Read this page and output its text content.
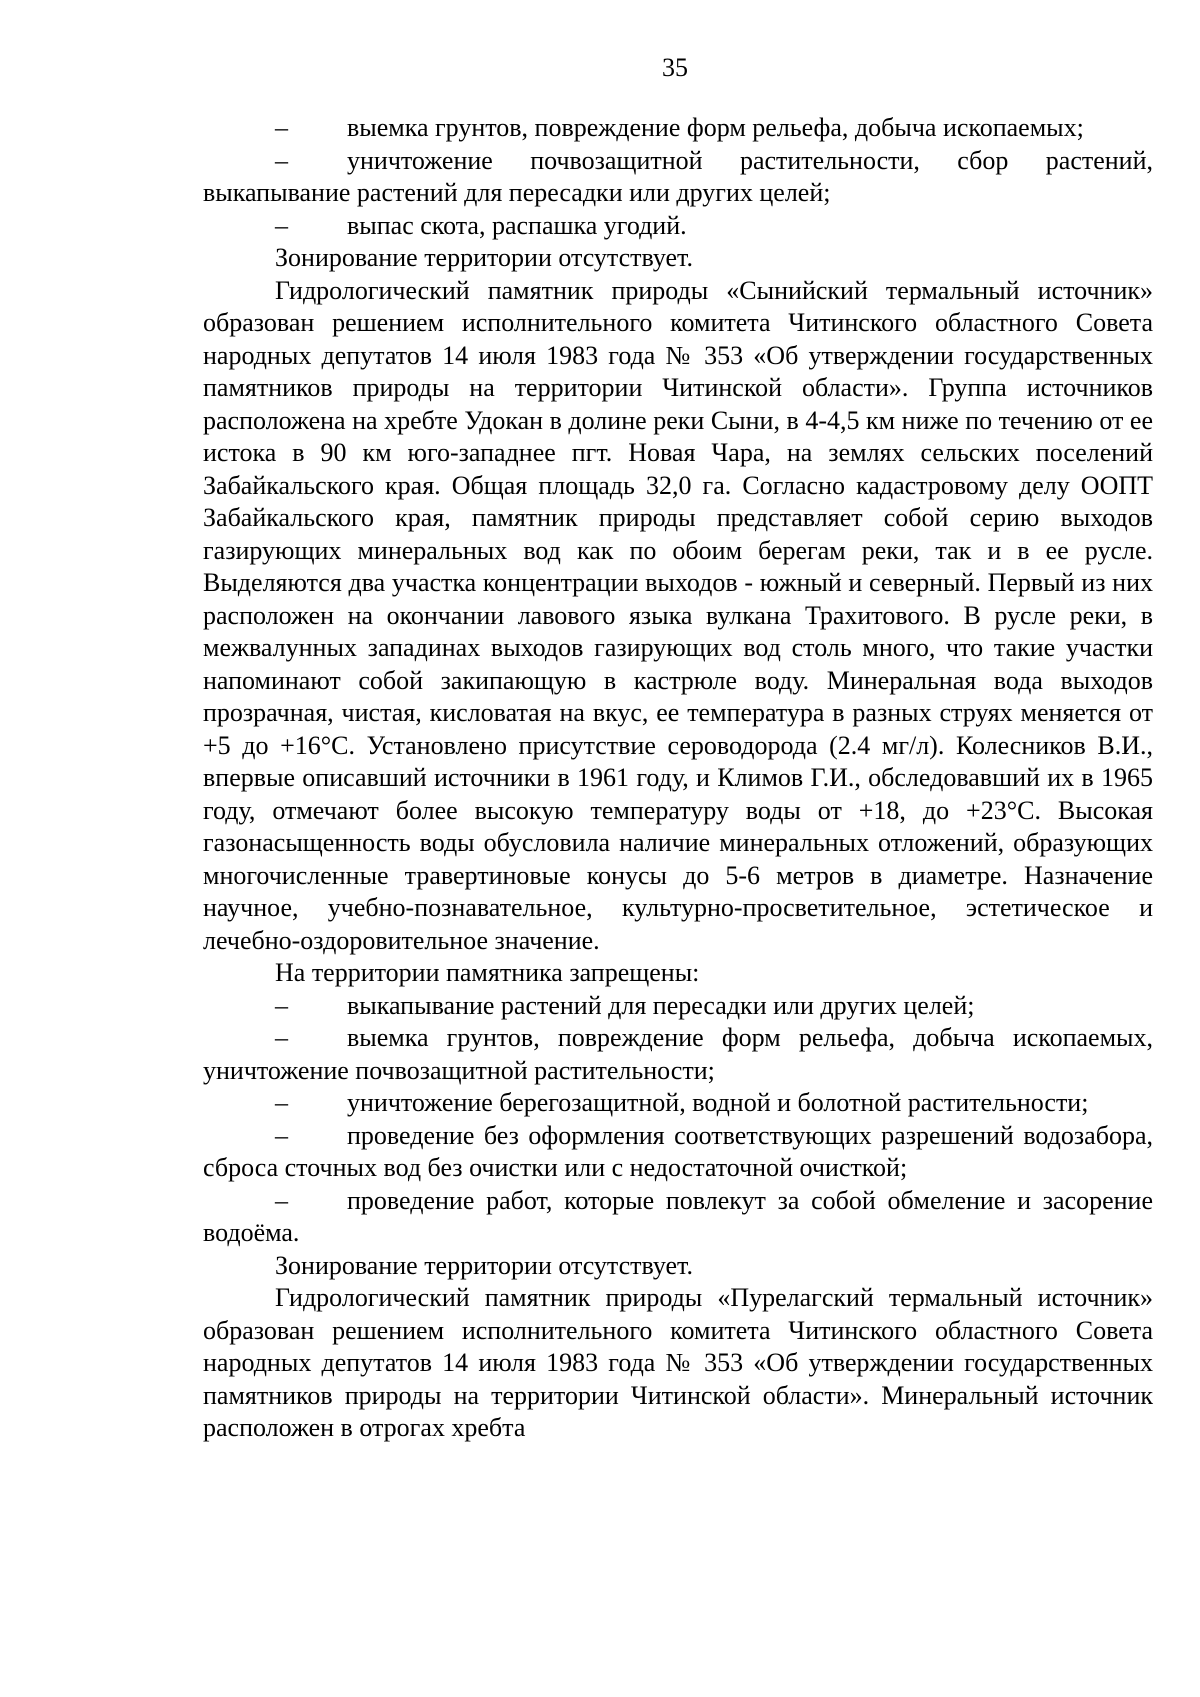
35

– выемка грунтов, повреждение форм рельефа, добыча ископаемых;

– уничтожение почвозащитной растительности, сбор растений, выкапывание растений для пересадки или других целей;

– выпас скота, распашка угодий.

Зонирование территории отсутствует.

Гидрологический памятник природы «Сынийский термальный источник» образован решением исполнительного комитета Читинского областного Совета народных депутатов 14 июля 1983 года № 353 «Об утверждении государственных памятников природы на территории Читинской области». Группа источников расположена на хребте Удокан в долине реки Сыни, в 4-4,5 км ниже по течению от ее истока в 90 км юго-западнее пгт. Новая Чара, на землях сельских поселений Забайкальского края. Общая площадь 32,0 га. Согласно кадастровому делу ООПТ Забайкальского края, памятник природы представляет собой серию выходов газирующих минеральных вод как по обоим берегам реки, так и в ее русле. Выделяются два участка концентрации выходов - южный и северный. Первый из них расположен на окончании лавового языка вулкана Трахитового. В русле реки, в межвалунных западинах выходов газирующих вод столь много, что такие участки напоминают собой закипающую в кастрюле воду. Минеральная вода выходов прозрачная, чистая, кисловатая на вкус, ее температура в разных струях меняется от +5 до +16°С. Установлено присутствие сероводорода (2.4 мг/л). Колесников В.И., впервые описавший источники в 1961 году, и Климов Г.И., обследовавший их в 1965 году, отмечают более высокую температуру воды от +18, до +23°С. Высокая газонасыщенность воды обусловила наличие минеральных отложений, образующих многочисленные травертиновые конусы до 5-6 метров в диаметре. Назначение научное, учебно-познавательное, культурно-просветительное, эстетическое и лечебно-оздоровительное значение.

На территории памятника запрещены:

– выкапывание растений для пересадки или других целей;

– выемка грунтов, повреждение форм рельефа, добыча ископаемых, уничтожение почвозащитной растительности;

– уничтожение берегозащитной, водной и болотной растительности;

– проведение без оформления соответствующих разрешений водозабора, сброса сточных вод без очистки или с недостаточной очисткой;

– проведение работ, которые повлекут за собой обмеление и засорение водоёма.

Зонирование территории отсутствует.

Гидрологический памятник природы «Пурелагский термальный источник» образован решением исполнительного комитета Читинского областного Совета народных депутатов 14 июля 1983 года № 353 «Об утверждении государственных памятников природы на территории Читинской области». Минеральный источник расположен в отрогах хребта
